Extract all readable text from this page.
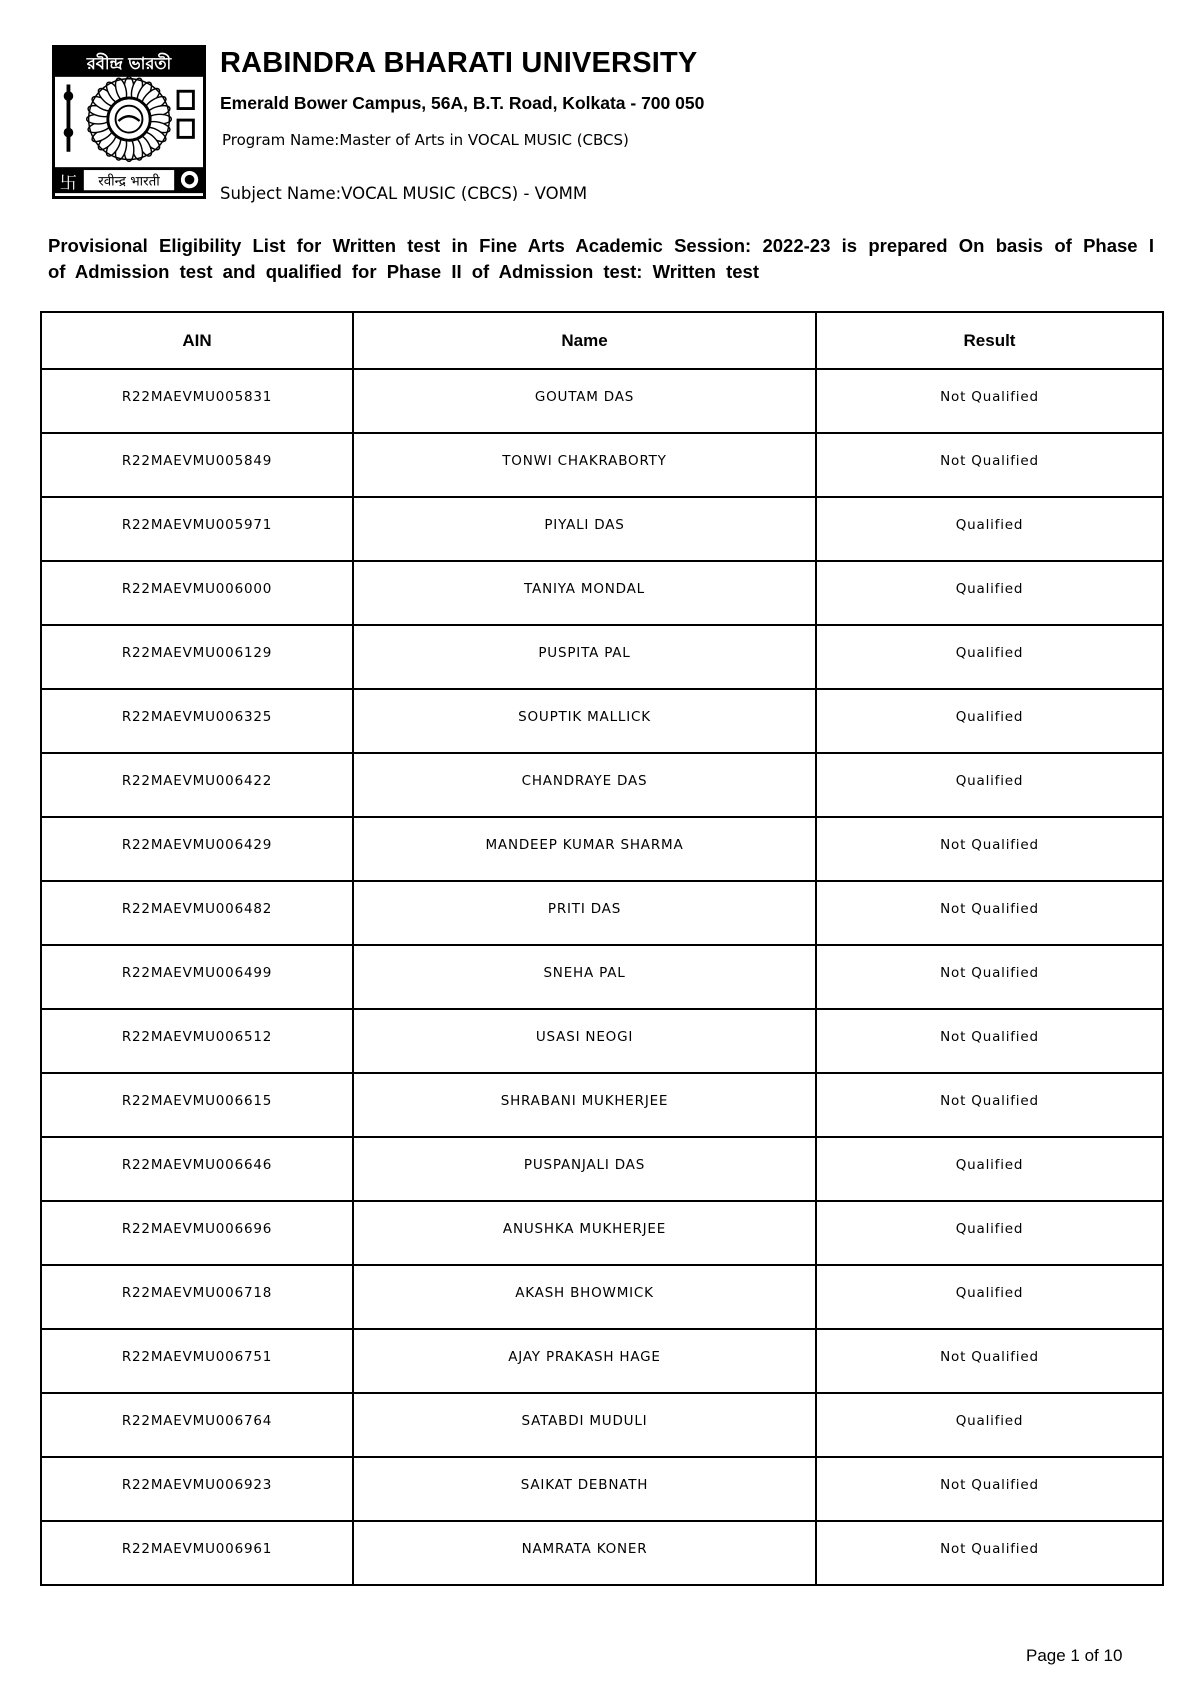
রবীন্দ্র ভারতী
रवीन्द्र भारती
卐
RABINDRA BHARATI UNIVERSITY
Emerald Bower Campus, 56A, B.T. Road, Kolkata - 700 050
Program Name:Master of Arts in VOCAL MUSIC (CBCS)
Subject Name:VOCAL MUSIC (CBCS) - VOMM
Provisional Eligibility List for Written test in Fine Arts Academic Session: 2022-23 is prepared On basis of Phase I of Admission test and qualified for Phase II of Admission test: Written test
AIN	Name	Result
R22MAEVMU005831	GOUTAM DAS	Not Qualified
R22MAEVMU005849	TONWI CHAKRABORTY	Not Qualified
R22MAEVMU005971	PIYALI DAS	Qualified
R22MAEVMU006000	TANIYA MONDAL	Qualified
R22MAEVMU006129	PUSPITA PAL	Qualified
R22MAEVMU006325	SOUPTIK MALLICK	Qualified
R22MAEVMU006422	CHANDRAYE DAS	Qualified
R22MAEVMU006429	MANDEEP KUMAR SHARMA	Not Qualified
R22MAEVMU006482	PRITI DAS	Not Qualified
R22MAEVMU006499	SNEHA PAL	Not Qualified
R22MAEVMU006512	USASI NEOGI	Not Qualified
R22MAEVMU006615	SHRABANI MUKHERJEE	Not Qualified
R22MAEVMU006646	PUSPANJALI DAS	Qualified
R22MAEVMU006696	ANUSHKA MUKHERJEE	Qualified
R22MAEVMU006718	AKASH BHOWMICK	Qualified
R22MAEVMU006751	AJAY PRAKASH HAGE	Not Qualified
R22MAEVMU006764	SATABDI MUDULI	Qualified
R22MAEVMU006923	SAIKAT DEBNATH	Not Qualified
R22MAEVMU006961	NAMRATA KONER	Not Qualified
Page 1 of 10
